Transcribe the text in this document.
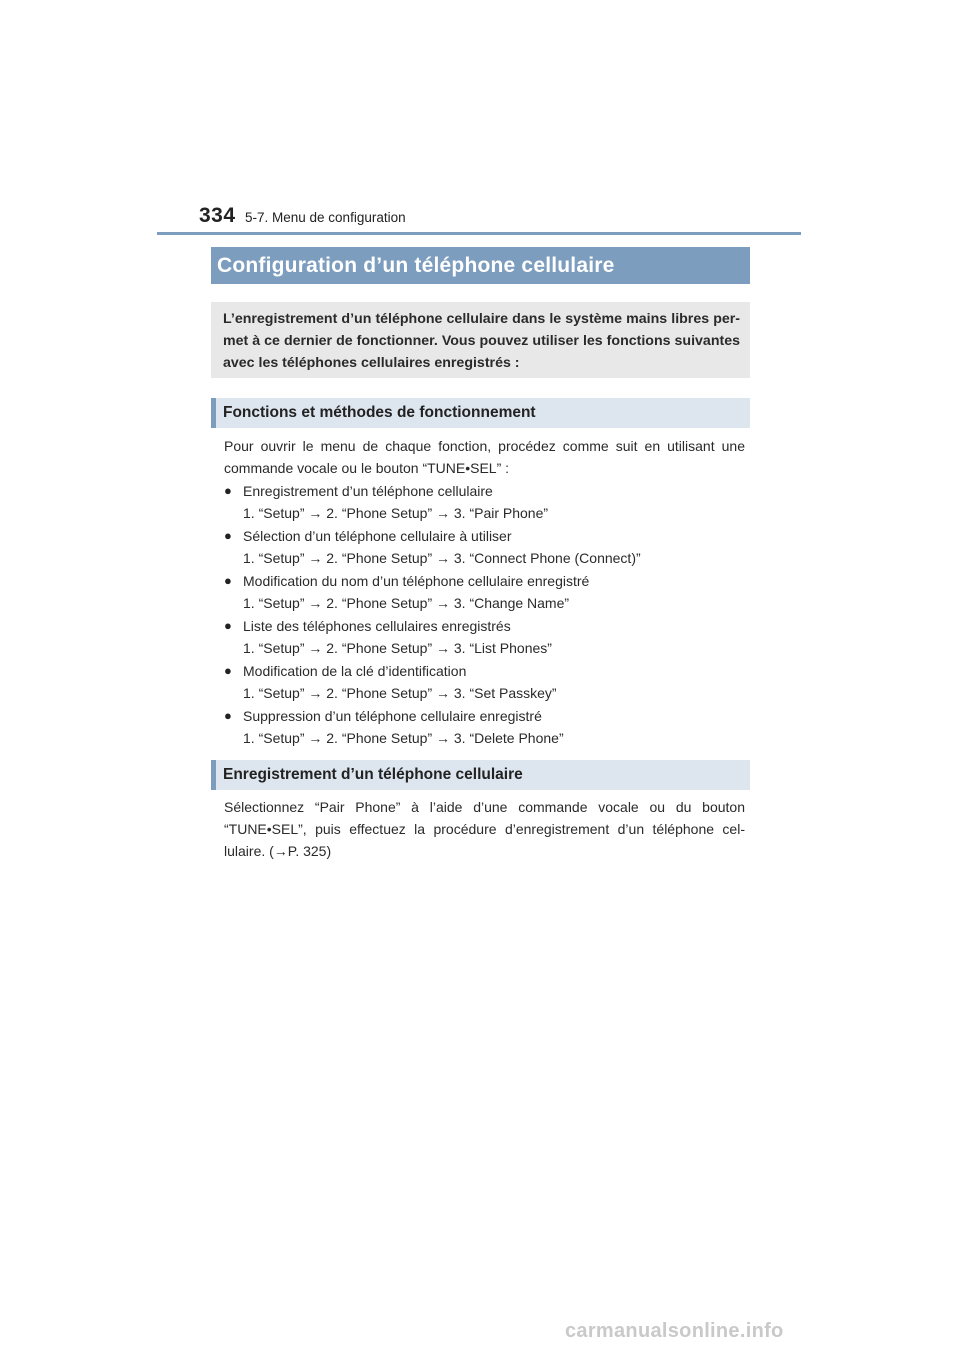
334 5-7. Menu de configuration
Configuration d’un téléphone cellulaire
L’enregistrement d’un téléphone cellulaire dans le système mains libres per-met à ce dernier de fonctionner. Vous pouvez utiliser les fonctions suivantes avec les téléphones cellulaires enregistrés :
Fonctions et méthodes de fonctionnement
Pour ouvrir le menu de chaque fonction, procédez comme suit en utilisant une commande vocale ou le bouton “TUNE•SEL” :
● Enregistrement d’un téléphone cellulaire
1. “Setup” → 2. “Phone Setup” → 3. “Pair Phone”
● Sélection d’un téléphone cellulaire à utiliser
1. “Setup” → 2. “Phone Setup” → 3. “Connect Phone (Connect)”
● Modification du nom d’un téléphone cellulaire enregistré
1. “Setup” → 2. “Phone Setup” → 3. “Change Name”
● Liste des téléphones cellulaires enregistrés
1. “Setup” → 2. “Phone Setup” → 3. “List Phones”
● Modification de la clé d’identification
1. “Setup” → 2. “Phone Setup” → 3. “Set Passkey”
● Suppression d’un téléphone cellulaire enregistré
1. “Setup” → 2. “Phone Setup” → 3. “Delete Phone”
Enregistrement d’un téléphone cellulaire
Sélectionnez “Pair Phone” à l’aide d’une commande vocale ou du bouton “TUNE•SEL”, puis effectuez la procédure d’enregistrement d’un téléphone cel-lulaire. (→P. 325)
carmanualsonline.info
